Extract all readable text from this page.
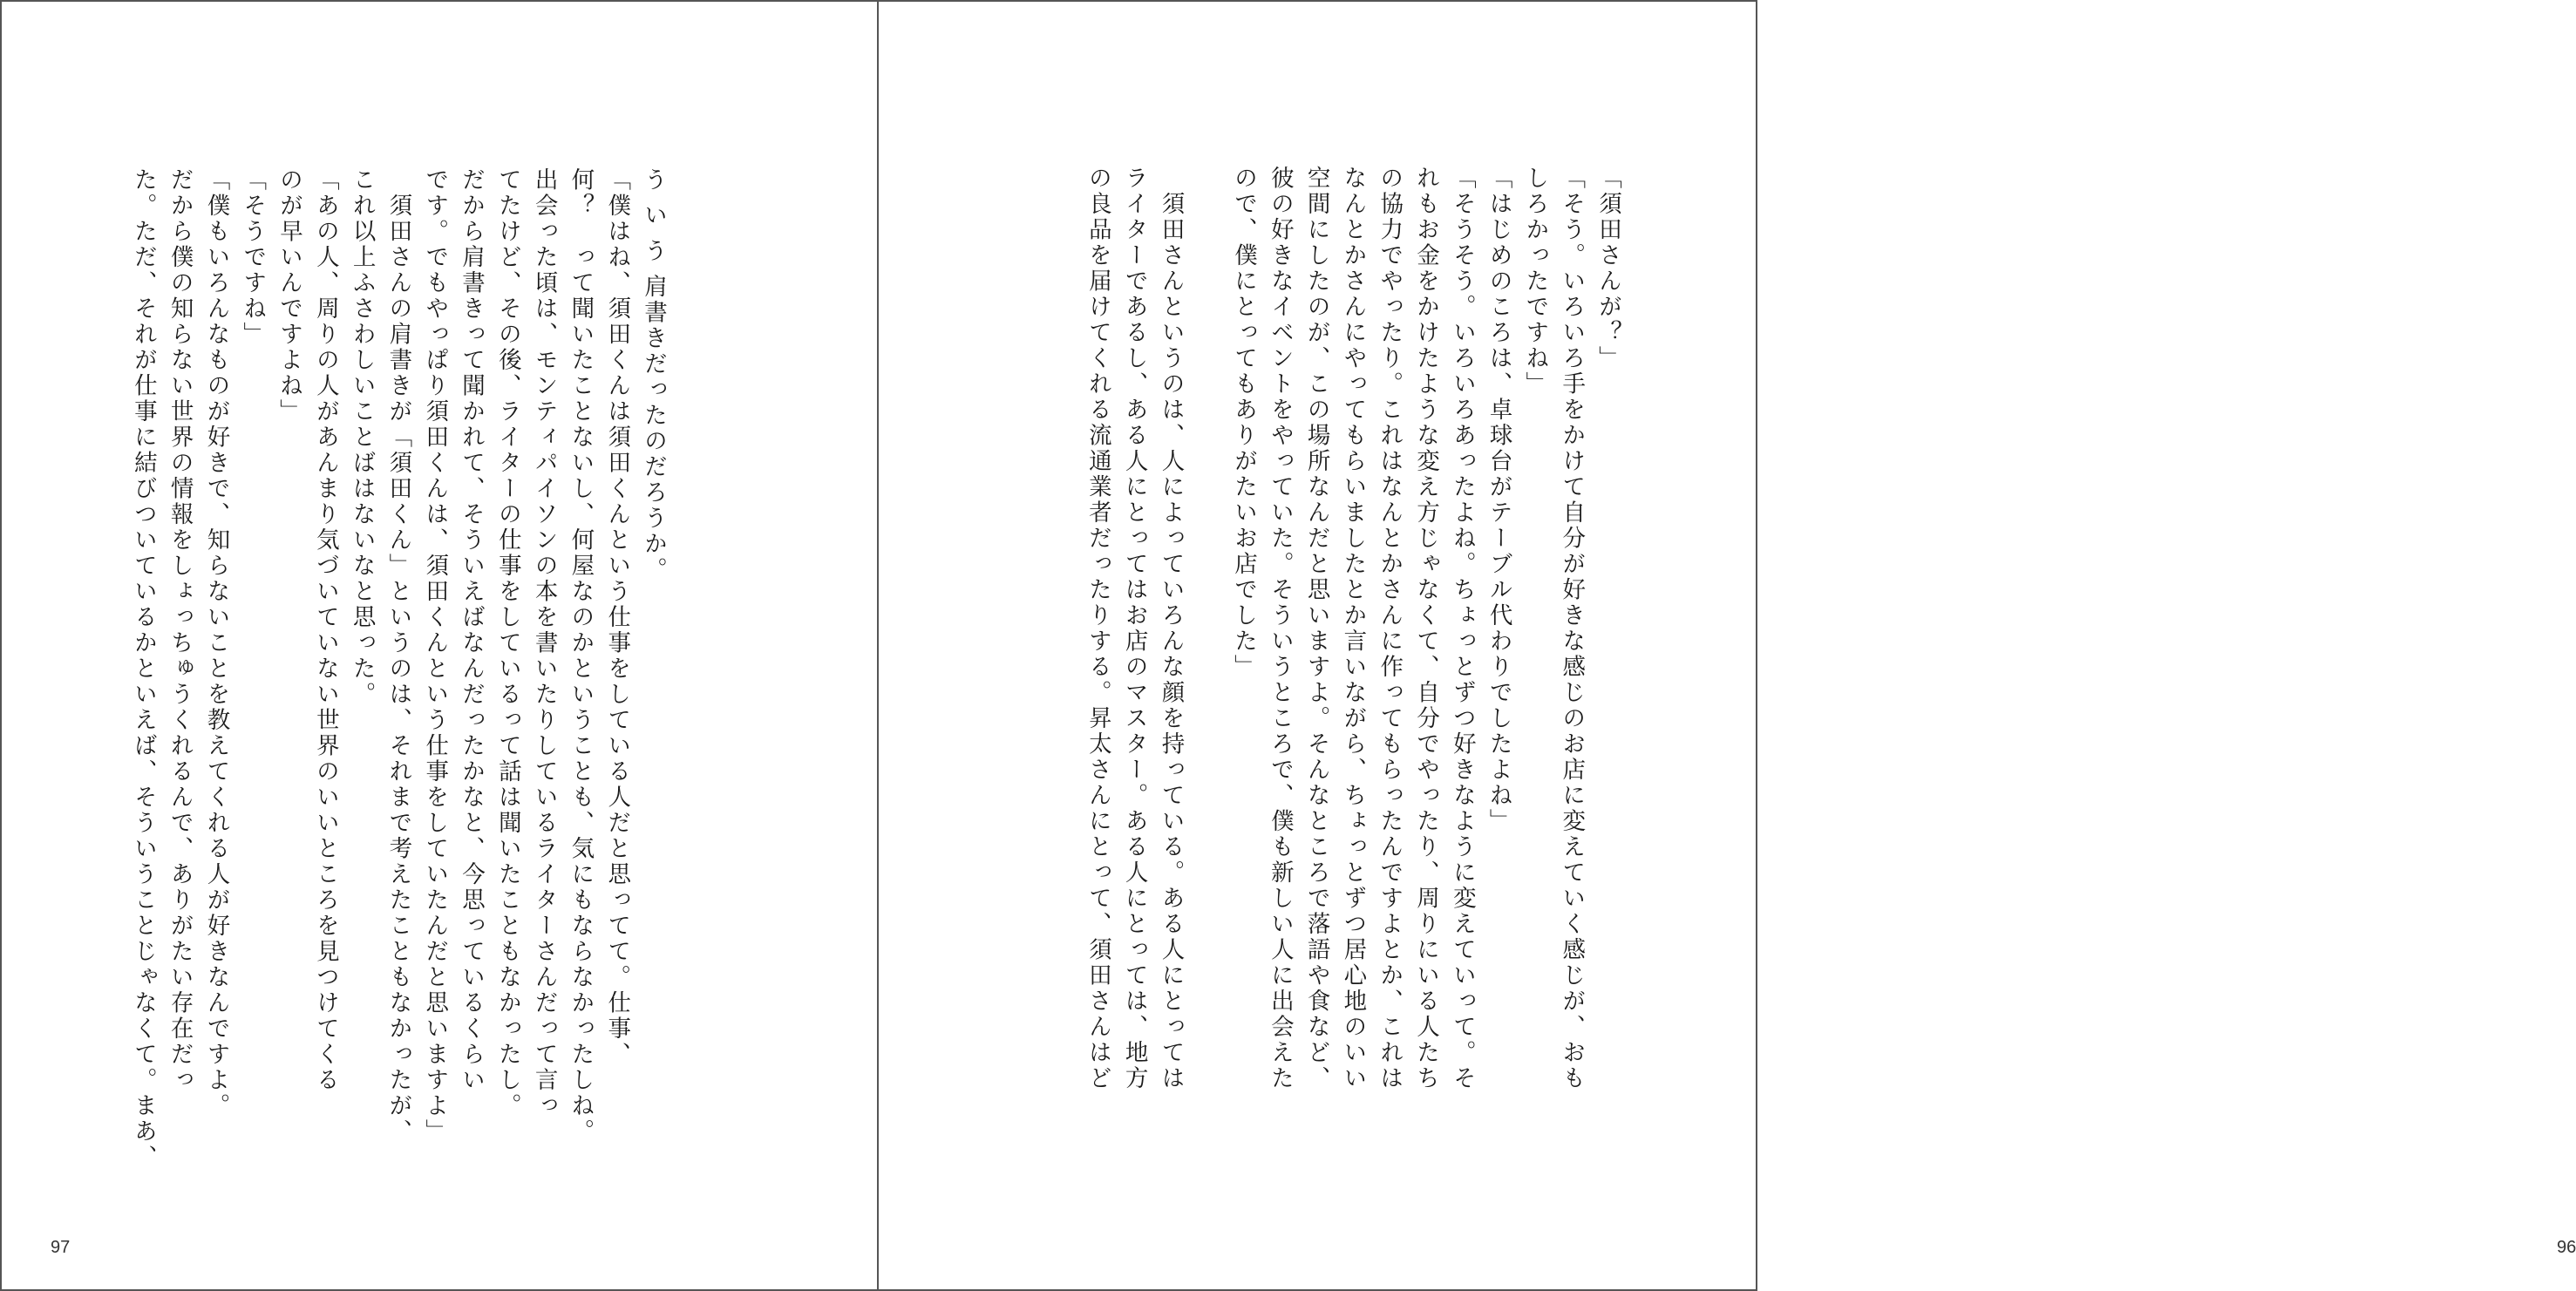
う い う 肩書きだったのだろうか。
「僕はね、須田くんは須田くんという仕事をしている人だと思ってて。仕事、
何？　って聞いたことないし、何屋なのかということも、気にもならなかったしね。
出会った頃は、モンティパイソンの本を書いたりしているライターさんだって言っ
てたけど、その後、ライターの仕事をしているって話は聞いたこともなかったし。
だから肩書きって聞かれて、そういえばなんだったかなと、今思っているくらい
です。でもやっぱり須田くんは、須田くんという仕事をしていたんだと思いますよ」
　須田さんの肩書きが「須田くん」というのは、それまで考えたこともなかったが、
これ以上ふさわしいことばはないなと思った。
「あの人、周りの人があんまり気づいていない世界のいいところを見つけてくる
のが早いんですよね」
「そうですね」
「僕もいろんなものが好きで、知らないことを教えてくれる人が好きなんですよ。
だから僕の知らない世界の情報をしょっちゅうくれるんで、ありがたい存在だっ
た。ただ、それが仕事に結びついているかといえば、そういうことじゃなくて。まあ、
97	96
「須田さんが？」
「そう。いろいろ手をかけて自分が好きな感じのお店に変えていく感じが、おも
しろかったですね」
「はじめのころは、卓球台がテーブル代わりでしたよね」
「そうそう。いろいろあったよね。ちょっとずつ好きなように変えていって。そ
れもお金をかけたような変え方じゃなくて、自分でやったり、周りにいる人たち
の協力でやったり。これはなんとかさんに作ってもらったんですよとか、これは
なんとかさんにやってもらいましたとか言いながら、ちょっとずつ居心地のいい
空間にしたのが、この場所なんだと思いますよ。そんなところで落語や食など、
彼の好きなイベントをやっていた。そういうところで、僕も新しい人に出会えた
ので、僕にとってもありがたいお店でした」

　須田さんというのは、人によっていろんな顔を持っている。ある人にとっては
ライターであるし、ある人にとってはお店のマスター。ある人にとっては、地方
の良品を届けてくれる流通業者だったりする。昇太さんにとって、須田さんはど
